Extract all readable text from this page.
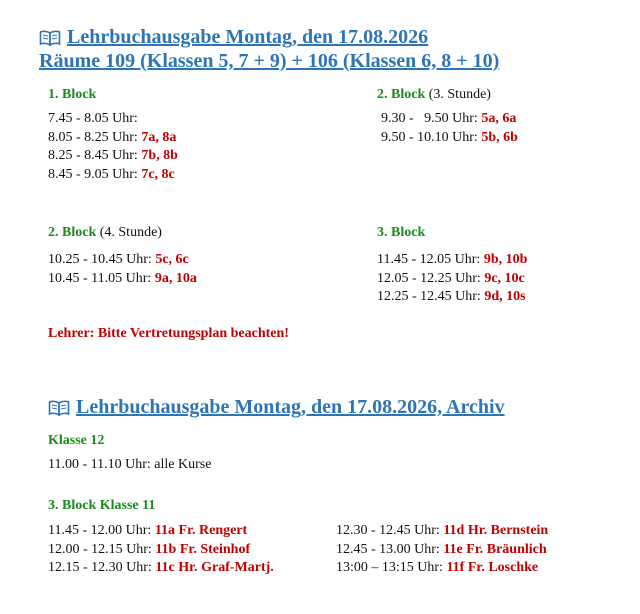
Lehrbuchausgabe Montag, den 17.08.2026
Räume 109 (Klassen 5, 7 + 9) + 106 (Klassen 6, 8 + 10)
1. Block
7.45 - 8.05 Uhr:
8.05 - 8.25 Uhr: 7a, 8a
8.25 - 8.45 Uhr: 7b, 8b
8.45 - 9.05 Uhr: 7c, 8c
2. Block (3. Stunde)
9.30 -   9.50 Uhr: 5a, 6a
9.50 - 10.10 Uhr: 5b, 6b
2. Block (4. Stunde)
10.25 - 10.45 Uhr: 5c, 6c
10.45 - 11.05 Uhr: 9a, 10a
3. Block
11.45 - 12.05 Uhr: 9b, 10b
12.05 - 12.25 Uhr: 9c, 10c
12.25 - 12.45 Uhr: 9d, 10s
Lehrer: Bitte Vertretungsplan beachten!
Lehrbuchausgabe Montag, den 17.08.2026, Archiv
Klasse 12
11.00 - 11.10 Uhr: alle Kurse
3. Block Klasse 11
11.45 - 12.00 Uhr: 11a Fr. Rengert
12.00 - 12.15 Uhr: 11b Fr. Steinhof
12.15 - 12.30 Uhr: 11c Hr. Graf-Martj.
12.30 - 12.45 Uhr: 11d Hr. Bernstein
12.45 - 13.00 Uhr: 11e Fr. Bräunlich
13:00 – 13:15 Uhr: 11f Fr. Loschke
